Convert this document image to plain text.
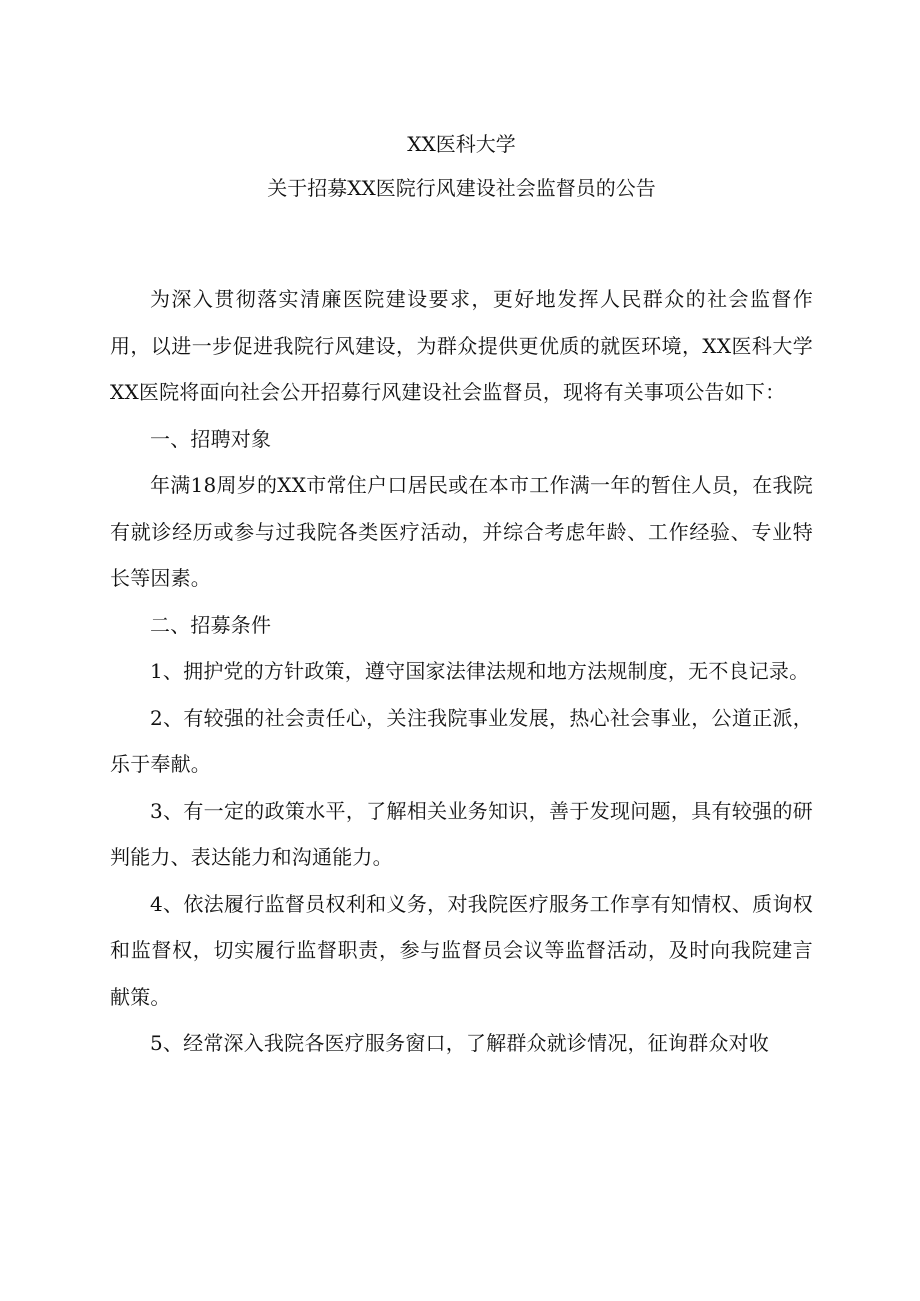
XX医科大学

关于招募XX医院行风建设社会监督员的公告

为深入贯彻落实清廉医院建设要求，更好地发挥人民群众的社会监督作用，以进一步促进我院行风建设，为群众提供更优质的就医环境，XX医科大学XX医院将面向社会公开招募行风建设社会监督员，现将有关事项公告如下：

一、招聘对象

年满18周岁的XX市常住户口居民或在本市工作满一年的暂住人员，在我院有就诊经历或参与过我院各类医疗活动，并综合考虑年龄、工作经验、专业特长等因素。

二、招募条件

1、拥护党的方针政策，遵守国家法律法规和地方法规制度，无不良记录。

2、有较强的社会责任心，关注我院事业发展，热心社会事业，公道正派，乐于奉献。

3、有一定的政策水平，了解相关业务知识，善于发现问题，具有较强的研判能力、表达能力和沟通能力。

4、依法履行监督员权利和义务，对我院医疗服务工作享有知情权、质询权和监督权，切实履行监督职责，参与监督员会议等监督活动，及时向我院建言献策。

5、经常深入我院各医疗服务窗口，了解群众就诊情况，征询群众对收
